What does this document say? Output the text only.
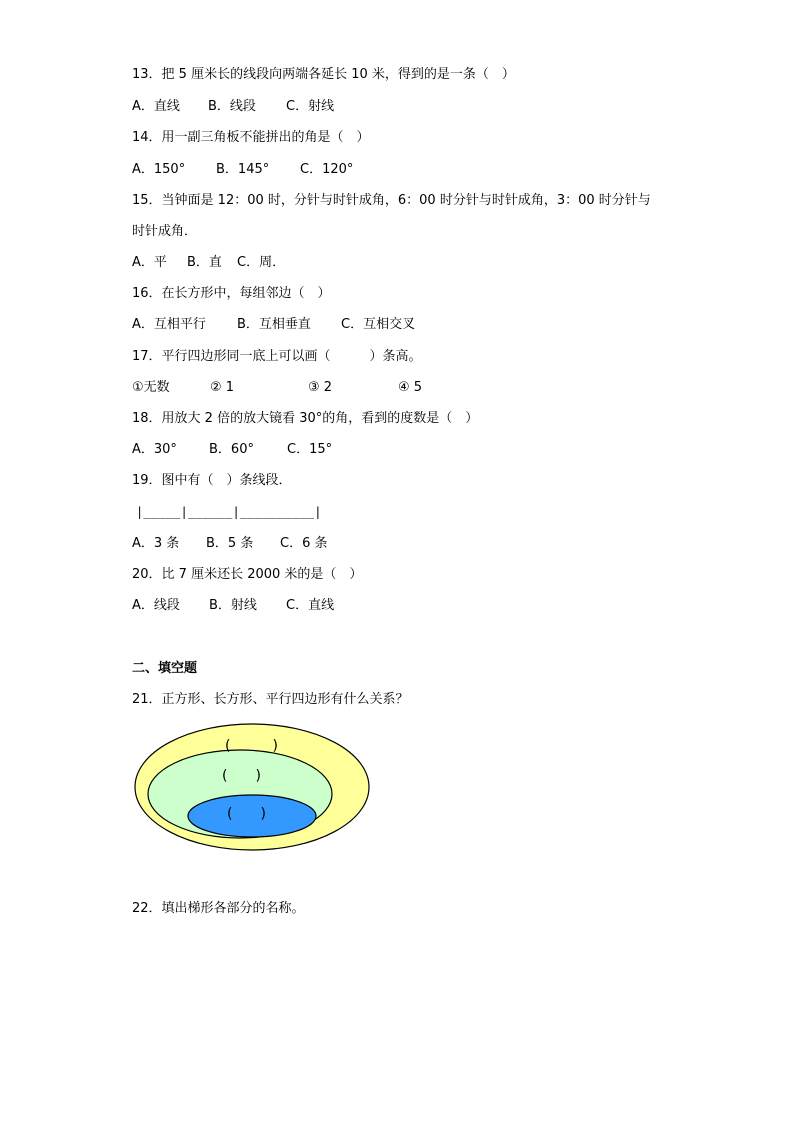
13．把 5 厘米长的线段向两端各延长 10 米，得到的是一条（　）
A．直线 B．线段 C．射线
14．用一副三角板不能拼出的角是（　）
A．150° B．145° C．120°
15．当钟面是 12：00 时，分针与时针成角，6：00 时分针与时针成角，3：00 时分针与
时针成角．
A．平 B．直 C．周．
16．在长方形中，每组邻边（　）
A．互相平行 B．互相垂直 C．互相交叉
17．平行四边形同一底上可以画（　　　）条高。
①无数	② 1	③ 2	④ 5
18．用放大 2 倍的放大镜看 30°的角，看到的度数是（　）
A．30° B．60°	C．15°
19．图中有（　）条线段．
|_____|______|__________|
A．3 条 B．5 条 C．6 条
20．比 7 厘米还长 2000 米的是（　）
A．线段 B．射线 C．直线
二、填空题
21．正方形、长方形、平行四边形有什么关系？
(　　　)
(　　)
(　　)
22．填出梯形各部分的名称。
